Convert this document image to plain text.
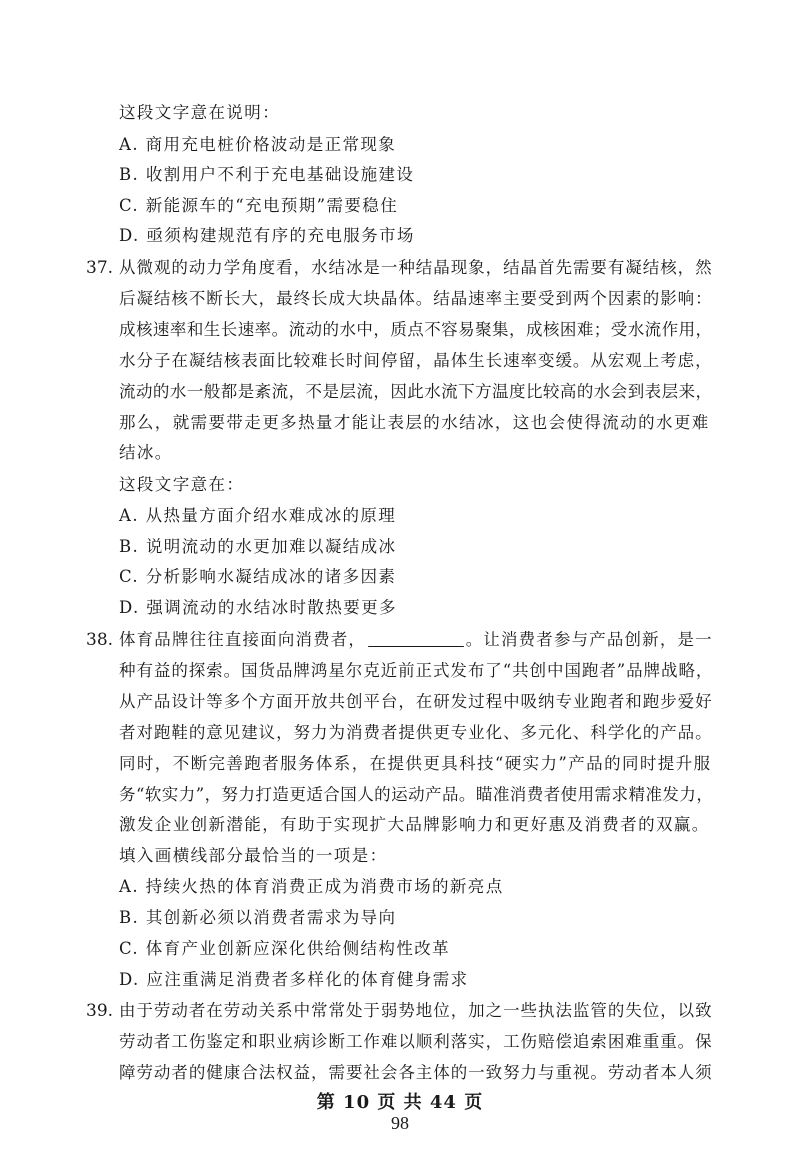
这段文字意在说明：
A. 商用充电桩价格波动是正常现象
B. 收割用户不利于充电基础设施建设
C. 新能源车的“充电预期”需要稳住
D. 亟须构建规范有序的充电服务市场
37. 从微观的动力学角度看，水结冰是一种结晶现象，结晶首先需要有凝结核，然
后凝结核不断长大，最终长成大块晶体。结晶速率主要受到两个因素的影响：
成核速率和生长速率。流动的水中，质点不容易聚集，成核困难；受水流作用，
水分子在凝结核表面比较难长时间停留，晶体生长速率变缓。从宏观上考虑，
流动的水一般都是紊流，不是层流，因此水流下方温度比较高的水会到表层来，
那么，就需要带走更多热量才能让表层的水结冰，这也会使得流动的水更难
结冰。
这段文字意在：
A. 从热量方面介绍水难成冰的原理
B. 说明流动的水更加难以凝结成冰
C. 分析影响水凝结成冰的诸多因素
D. 强调流动的水结冰时散热要更多
38. 体育品牌往往直接面向消费者，	。让消费者参与产品创新，是一
种有益的探索。国货品牌鸿星尔克近前正式发布了“共创中国跑者”品牌战略，
从产品设计等多个方面开放共创平台，在研发过程中吸纳专业跑者和跑步爱好
者对跑鞋的意见建议，努力为消费者提供更专业化、多元化、科学化的产品。
同时，不断完善跑者服务体系，在提供更具科技“硬实力”产品的同时提升服
务“软实力”，努力打造更适合国人的运动产品。瞄准消费者使用需求精准发力，
激发企业创新潜能，有助于实现扩大品牌影响力和更好惠及消费者的双赢。
填入画横线部分最恰当的一项是：
A. 持续火热的体育消费正成为消费市场的新亮点
B. 其创新必须以消费者需求为导向
C. 体育产业创新应深化供给侧结构性改革
D. 应注重满足消费者多样化的体育健身需求
39. 由于劳动者在劳动关系中常常处于弱势地位，加之一些执法监管的失位，以致
劳动者工伤鉴定和职业病诊断工作难以顺利落实，工伤赔偿追索困难重重。保
障劳动者的健康合法权益，需要社会各主体的一致努力与重视。劳动者本人须
第 10 页 共 44 页
98
